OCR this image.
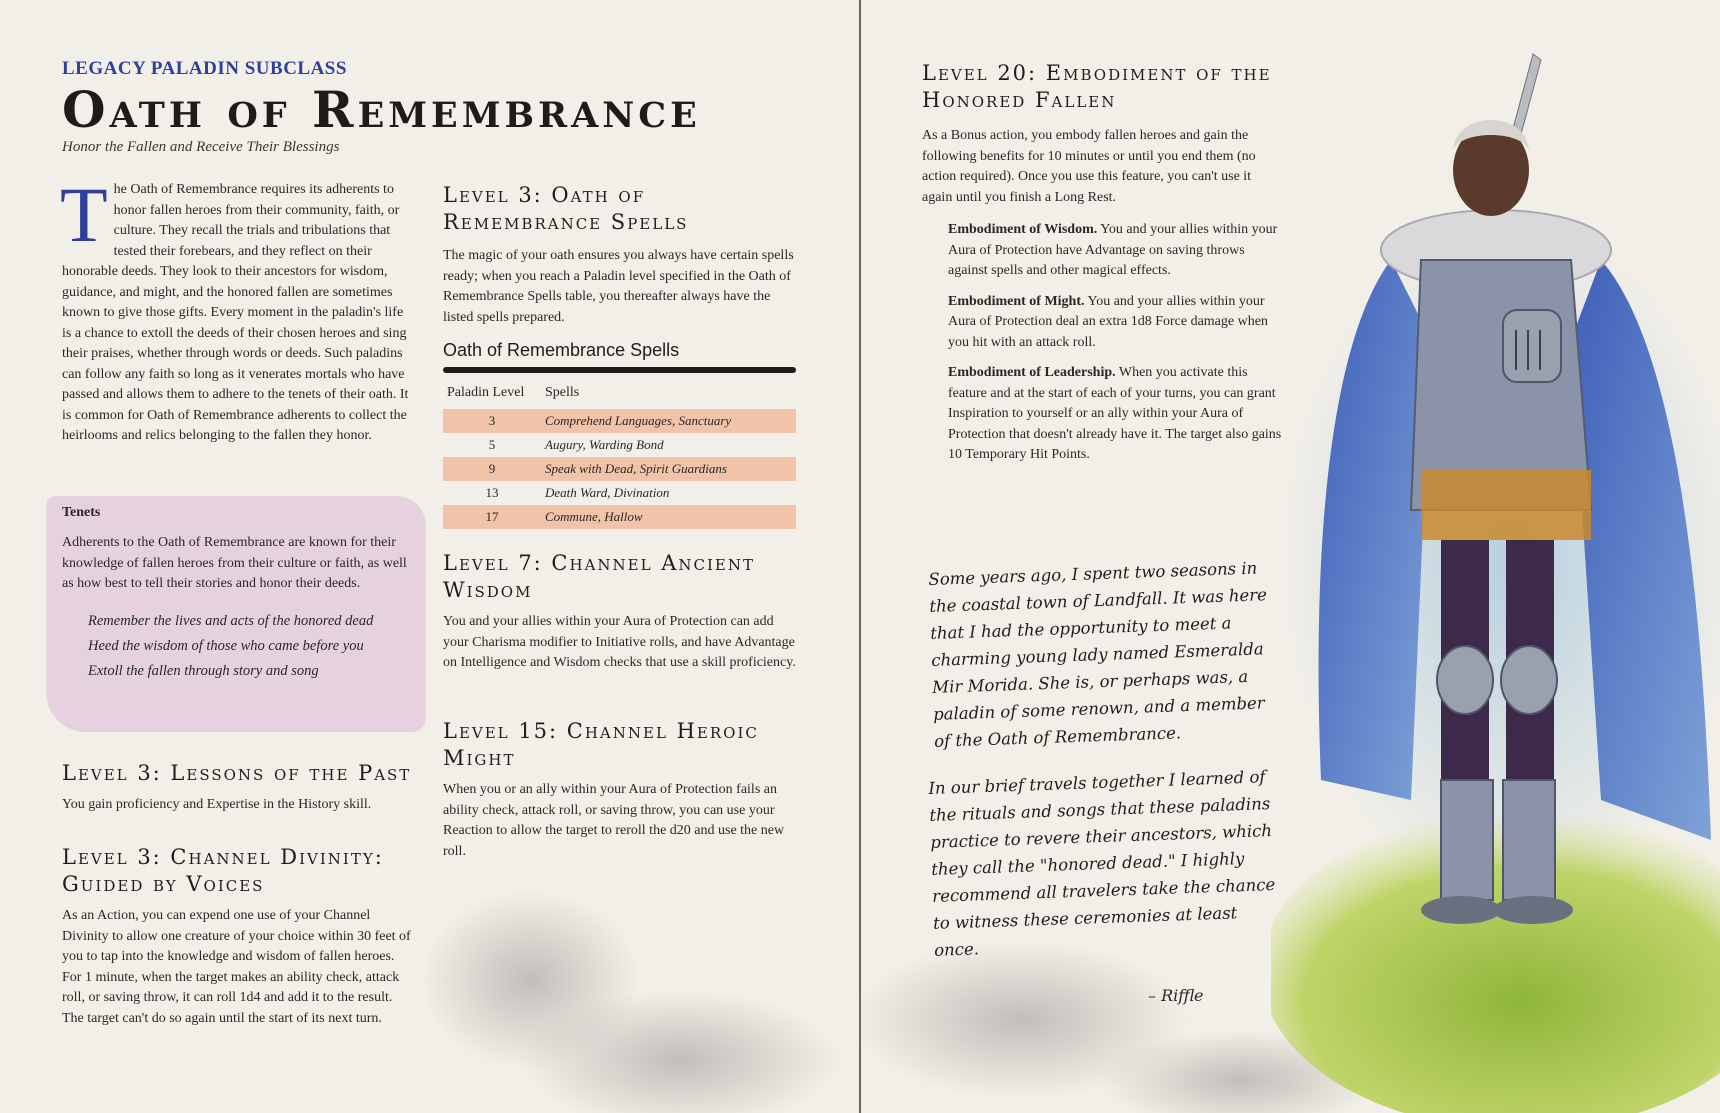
LEGACY PALADIN SUBCLASS
Oath of Remembrance
Honor the Fallen and Receive Their Blessings
The Oath of Remembrance requires its adherents to honor fallen heroes from their community, faith, or culture. They recall the trials and tribulations that tested their forebears, and they reflect on their honorable deeds. They look to their ancestors for wisdom, guidance, and might, and the honored fallen are sometimes known to give those gifts. Every moment in the paladin's life is a chance to extoll the deeds of their chosen heroes and sing their praises, whether through words or deeds. Such paladins can follow any faith so long as it venerates mortals who have passed and allows them to adhere to the tenets of their oath. It is common for Oath of Remembrance adherents to collect the heirlooms and relics belonging to the fallen they honor.
Tenets

Adherents to the Oath of Remembrance are known for their knowledge of fallen heroes from their culture or faith, as well as how best to tell their stories and honor their deeds.

Remember the lives and acts of the honored dead
Heed the wisdom of those who came before you
Extoll the fallen through story and song
Level 3: Lessons of the Past

You gain proficiency and Expertise in the History skill.

Level 3: Channel Divinity: Guided by Voices

As an Action, you can expend one use of your Channel Divinity to allow one creature of your choice within 30 feet of you to tap into the knowledge and wisdom of fallen heroes. For 1 minute, when the target makes an ability check, attack roll, or saving throw, it can roll 1d4 and add it to the result. The target can't do so again until the start of its next turn.

Level 3: Oath of Remembrance Spells

The magic of your oath ensures you always have certain spells ready; when you reach a Paladin level specified in the Oath of Remembrance Spells table, you thereafter always have the listed spells prepared.

Oath of Remembrance Spells
Paladin Level	Spells
3	Comprehend Languages, Sanctuary
5	Augury, Warding Bond
9	Speak with Dead, Spirit Guardians
13	Death Ward, Divination
17	Commune, Hallow
Level 7: Channel Ancient Wisdom

You and your allies within your Aura of Protection can add your Charisma modifier to Initiative rolls, and have Advantage on Intelligence and Wisdom checks that use a skill proficiency.

Level 15: Channel Heroic Might

When you or an ally within your Aura of Protection fails an ability check, attack roll, or saving throw, you can use your Reaction to allow the target to reroll the d20 and use the new roll.

Level 20: Embodiment of the Honored Fallen

As a Bonus action, you embody fallen heroes and gain the following benefits for 10 minutes or until you end them (no action required). Once you use this feature, you can't use it again until you finish a Long Rest.

Embodiment of Wisdom. You and your allies within your Aura of Protection have Advantage on saving throws against spells and other magical effects.
Embodiment of Might. You and your allies within your Aura of Protection deal an extra 1d8 Force damage when you hit with an attack roll.
Embodiment of Leadership. When you activate this feature and at the start of each of your turns, you can grant Inspiration to yourself or an ally within your Aura of Protection that doesn't already have it. The target also gains 10 Temporary Hit Points.
Some years ago, I spent two seasons in the coastal town of Landfall. It was here that I had the opportunity to meet a charming young lady named Esmeralda Mir Morida. She is, or perhaps was, a paladin of some renown, and a member of the Oath of Remembrance.
In our brief travels together I learned of the rituals and songs that these paladins practice to revere their ancestors, which they call the "honored dead." I highly recommend all travelers take the chance to witness these ceremonies at least once.
– Riffle
